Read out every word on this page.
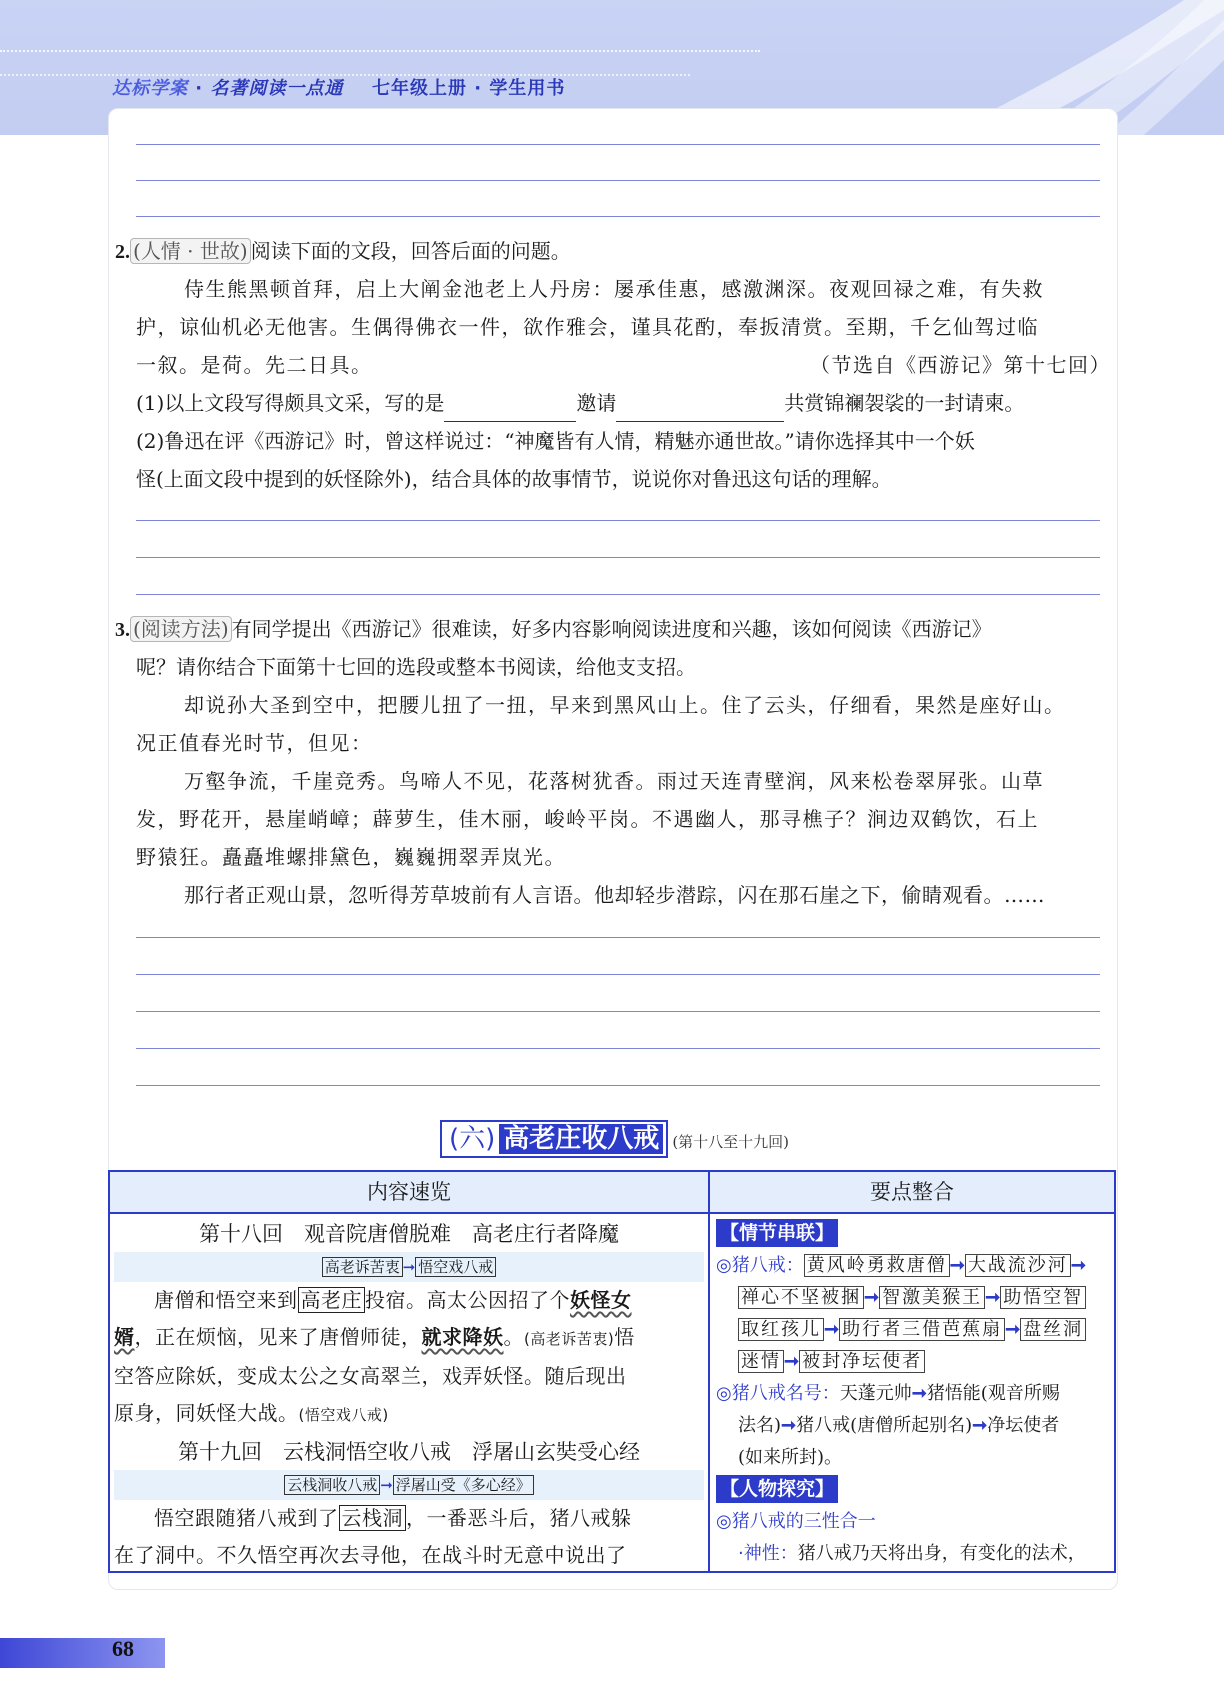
达标学案 · 名著阅读一点通 七年级上册 · 学生用书
2. (人情 · 世故) 阅读下面的文段，回答后面的问题。
侍生熊黑顿首拜，启上大阐金池老上人丹房：屡承佳惠，感激渊深。夜观回禄之难，有失救
护，谅仙机必无他害。生偶得佛衣一件，欲作雅会，谨具花酌，奉扳清赏。至期，千乞仙驾过临
一叙。是荷。先二日具。	（节选自《西游记》第十七回）
(1)以上文段写得颇具文采，写的是	邀请	共赏锦襕袈裟的一封请柬。
(2)鲁迅在评《西游记》时，曾这样说过：“神魔皆有人情，精魅亦通世故。”请你选择其中一个妖
怪(上面文段中提到的妖怪除外)，结合具体的故事情节，说说你对鲁迅这句话的理解。
3. (阅读方法) 有同学提出《西游记》很难读，好多内容影响阅读进度和兴趣，该如何阅读《西游记》
呢？请你结合下面第十七回的选段或整本书阅读，给他支支招。
却说孙大圣到空中，把腰儿扭了一扭，早来到黑风山上。住了云头，仔细看，果然是座好山。
况正值春光时节，但见：
万壑争流，千崖竞秀。鸟啼人不见，花落树犹香。雨过天连青壁润，风来松卷翠屏张。山草
发，野花开，悬崖峭嶂；薜萝生，佳木丽，峻岭平岗。不遇幽人，那寻樵子？涧边双鹤饮，石上
野猿狂。矗矗堆螺排黛色，巍巍拥翠弄岚光。
那行者正观山景，忽听得芳草坡前有人言语。他却轻步潜踪，闪在那石崖之下，偷睛观看。……
(六) 高老庄收八戒 (第十八至十九回)
内容速览	要点整合
第十八回　观音院唐僧脱难　高老庄行者降魔
高老诉苦衷 ➞ 悟空戏八戒
唐僧和悟空来到 高老庄 投宿。高太公因招了个妖怪女
婿，正在烦恼，见来了唐僧师徒，就求降妖。(高老诉苦衷)悟
空答应除妖，变成太公之女高翠兰，戏弄妖怪。随后现出
原身，同妖怪大战。(悟空戏八戒)
第十九回　云栈洞悟空收八戒　浮屠山玄奘受心经
云栈洞收八戒 ➞ 浮屠山受《多心经》
悟空跟随猪八戒到了 云栈洞 ，一番恶斗后，猪八戒躲
在了洞中。不久悟空再次去寻他，在战斗时无意中说出了
【情节串联】
◎猪八戒： 黄风岭勇救唐僧 ➞ 大战流沙河 ➞
禅心不坚被捆 ➞ 智激美猴王 ➞ 助悟空智
取红孩儿 ➞ 助行者三借芭蕉扇 ➞ 盘丝洞
迷情 ➞ 被封净坛使者
◎猪八戒名号：天蓬元帅➞猪悟能(观音所赐
法名)➞猪八戒(唐僧所起别名)➞净坛使者
(如来所封)。
【人物探究】
◎猪八戒的三性合一
·神性：猪八戒乃天将出身，有变化的法术，
68
